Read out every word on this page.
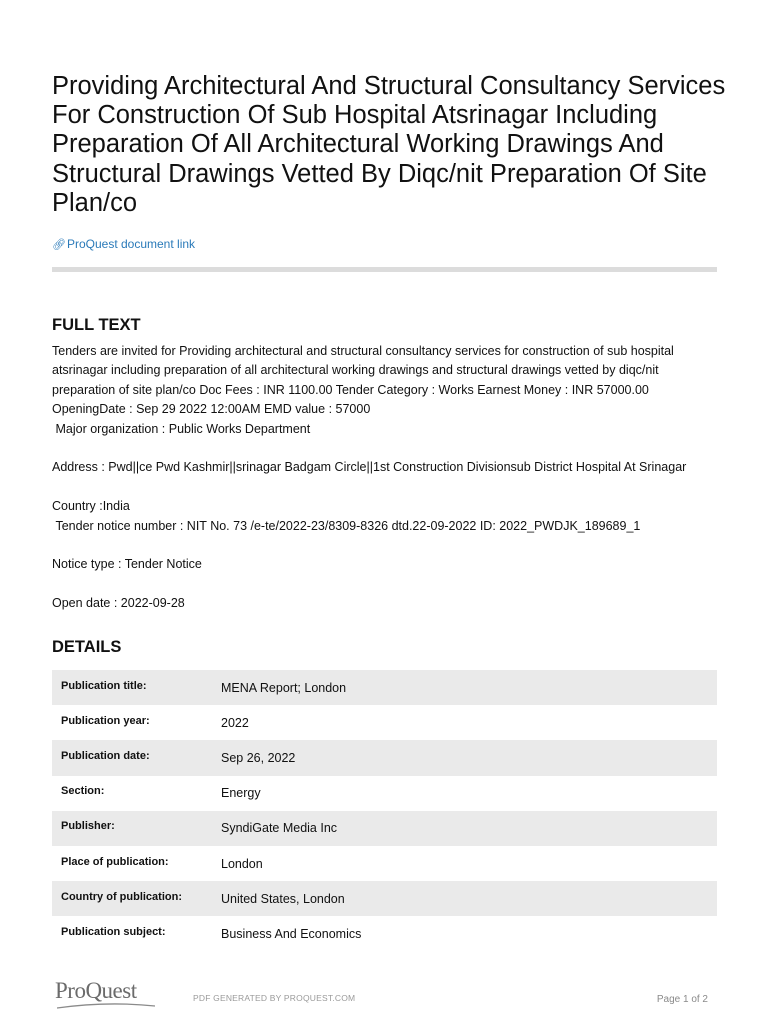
Providing Architectural And Structural Consultancy Services For Construction Of Sub Hospital Atsrinagar Including Preparation Of All Architectural Working Drawings And Structural Drawings Vetted By Diqc/nit Preparation Of Site Plan/co
🔗︎ProQuest document link
FULL TEXT

Tenders are invited for Providing architectural and structural consultancy services for construction of sub hospital

atsrinagar including preparation of all architectural working drawings and structural drawings vetted by diqc/nit

preparation of site plan/co Doc Fees : INR 1100.00 Tender Category : Works Earnest Money : INR 57000.00

OpeningDate : Sep 29 2022 12:00AM EMD value : 57000

Major organization : Public Works Department

Address : Pwd||ce Pwd Kashmir||srinagar Badgam Circle||1st Construction Divisionsub District Hospital At Srinagar

Country :India

Tender notice number : NIT No. 73 /e-te/2022-23/8309-8326 dtd.22-09-2022 ID: 2022_PWDJK_189689_1

Notice type : Tender Notice

Open date : 2022-09-28

DETAILS
Publication title:	MENA Report; London
Publication year:	2022
Publication date:	Sep 26, 2022
Section:	Energy
Publisher:	SyndiGate Media Inc
Place of publication:	London
Country of publication:	United States, London
Publication subject:	Business And Economics
ProQuest	PDF GENERATED BY PROQUEST.COM	Page 1 of 2
